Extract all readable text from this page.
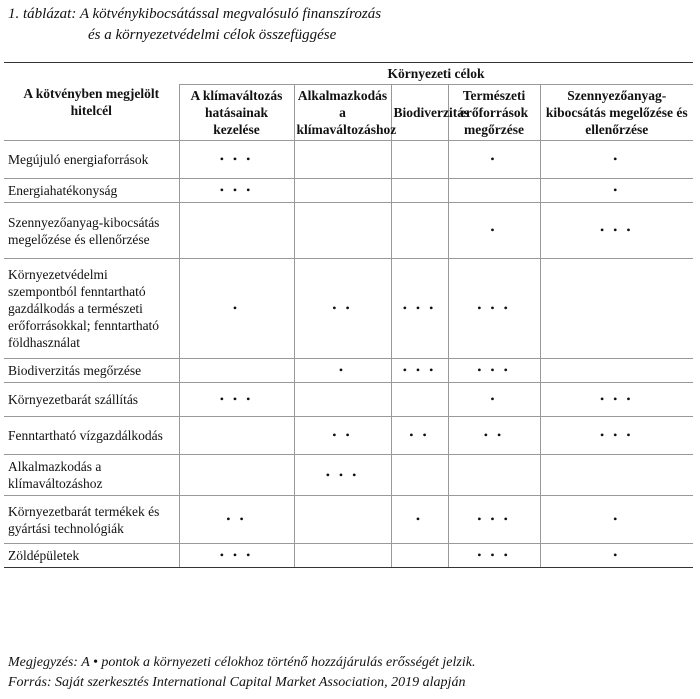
1. táblázat: A kötvénykibocsátással megvalósuló finanszírozás
és a környezetvédelmi célok összefüggése
A kötvényben megjelölt hitelcél	Környezeti célok				
	A klímaváltozás hatásainak kezelése	Alkalmazkodás a klímaváltozáshoz	Biodiverzitás	Természeti erőforrások megőrzése	Szennyezőanyag-kibocsátás megelőzése és ellenőrzése
Megújuló energiaforrások	• • •			•	•
Energiahatékonyság	• • •				•
Szennyezőanyag-kibocsátás megelőzése és ellenőrzése				•	• • •
Környezetvédelmi szempontból fenntartható gazdálkodás a természeti erőforrásokkal; fenntartható földhasználat	•	• •	• • •	• • •	
Biodiverzitás megőrzése		•	• • •	• • •	
Környezetbarát szállítás	• • •			•	• • •
Fenntartható vízgazdálkodás		• •	• •	• •	• • •
Alkalmazkodás a klímaváltozáshoz		• • •			
Környezetbarát termékek és gyártási technológiák	• •		•	• • •	•
Zöldépületek	• • •			• • •	•
Megjegyzés: A • pontok a környezeti célokhoz történő hozzájárulás erősségét jelzik.
Forrás: Saját szerkesztés International Capital Market Association, 2019 alapján
